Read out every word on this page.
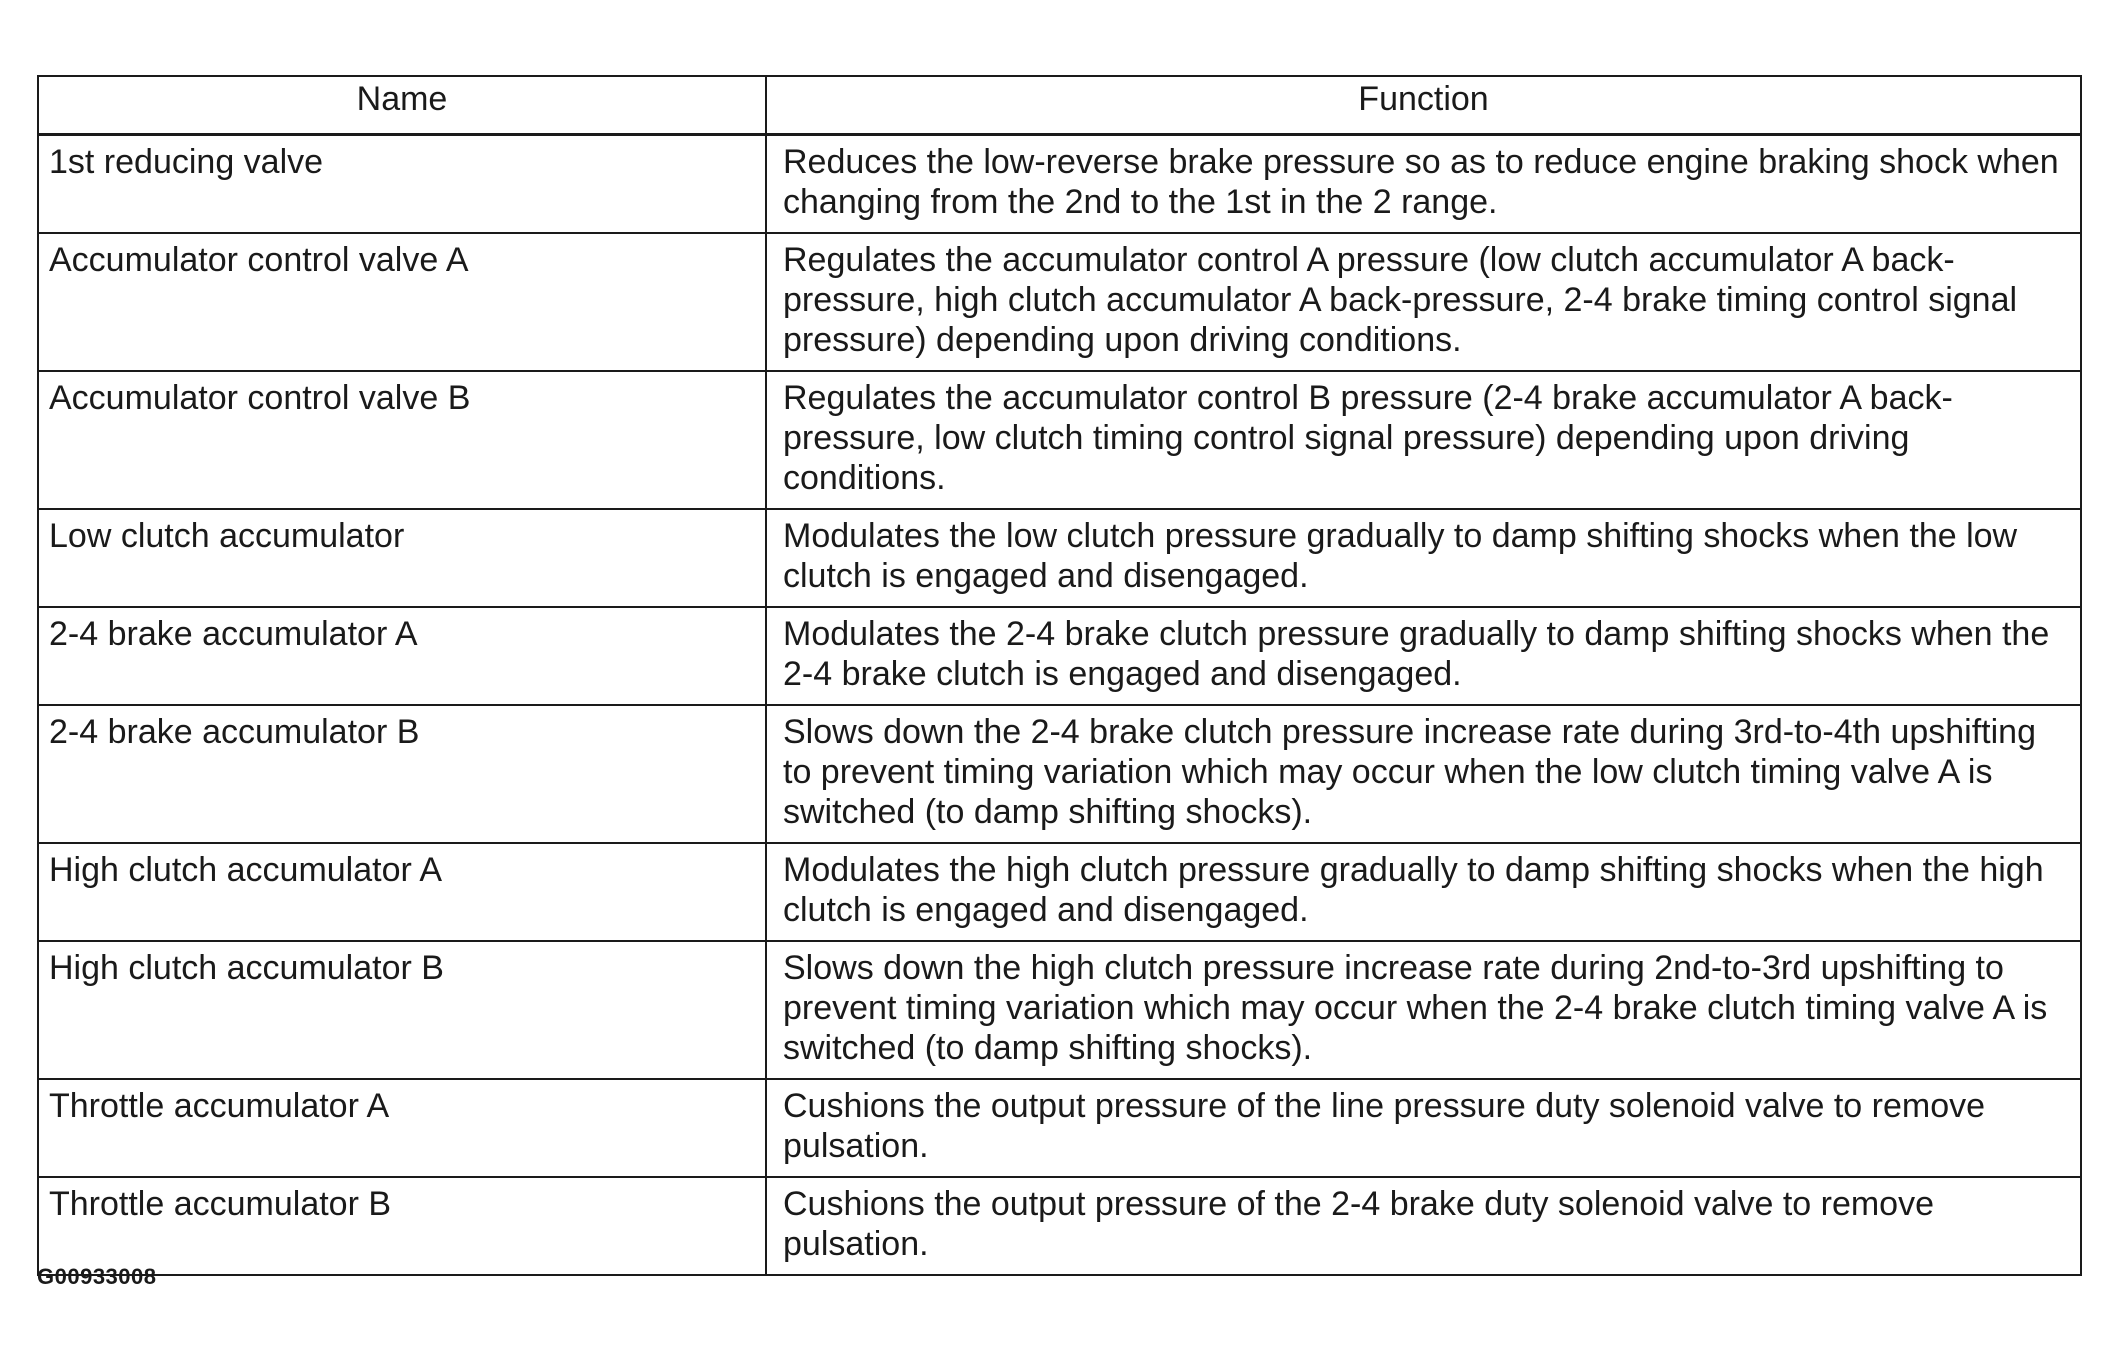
Name	Function
1st reducing valve	Reduces the low-reverse brake pressure so as to reduce engine braking shock when changing from the 2nd to the 1st in the 2 range.
Accumulator control valve A	Regulates the accumulator control A pressure (low clutch accumulator A back-pressure, high clutch accumulator A back-pressure, 2-4 brake timing control signal pressure) depending upon driving conditions.
Accumulator control valve B	Regulates the accumulator control B pressure (2-4 brake accumulator A back-pressure, low clutch timing control signal pressure) depending upon driving conditions.
Low clutch accumulator	Modulates the low clutch pressure gradually to damp shifting shocks when the low clutch is engaged and disengaged.
2-4 brake accumulator A	Modulates the 2-4 brake clutch pressure gradually to damp shifting shocks when the 2-4 brake clutch is engaged and disengaged.
2-4 brake accumulator B	Slows down the 2-4 brake clutch pressure increase rate during 3rd-to-4th upshifting to prevent timing variation which may occur when the low clutch timing valve A is switched (to damp shifting shocks).
High clutch accumulator A	Modulates the high clutch pressure gradually to damp shifting shocks when the high clutch is engaged and disengaged.
High clutch accumulator B	Slows down the high clutch pressure increase rate during 2nd-to-3rd upshifting to prevent timing variation which may occur when the 2-4 brake clutch timing valve A is switched (to damp shifting shocks).
Throttle accumulator A	Cushions the output pressure of the line pressure duty solenoid valve to remove pulsation.
Throttle accumulator B	Cushions the output pressure of the 2-4 brake duty solenoid valve to remove pulsation.
G00933008
